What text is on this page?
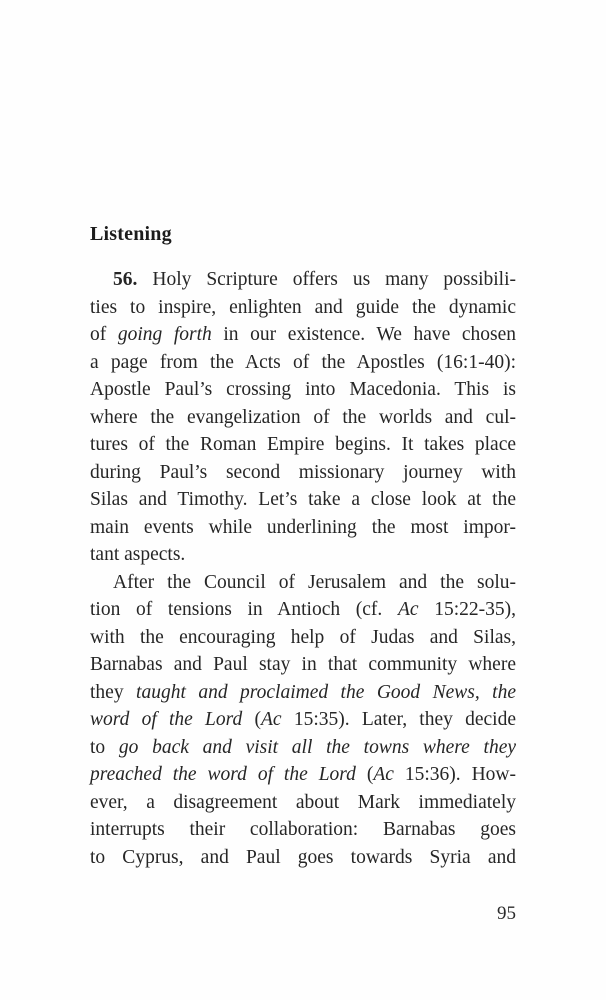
Listening
56. Holy Scripture offers us many possibili-
ties to inspire, enlighten and guide the dynamic
of going forth in our existence. We have chosen
a page from the Acts of the Apostles (16:1-40):
Apostle Paul’s crossing into Macedonia. This is
where the evangelization of the worlds and cul-
tures of the Roman Empire begins. It takes place
during Paul’s second missionary journey with
Silas and Timothy. Let’s take a close look at the
main events while underlining the most impor-
tant aspects.
After the Council of Jerusalem and the solu-
tion of tensions in Antioch (cf. Ac 15:22-35),
with the encouraging help of Judas and Silas,
Barnabas and Paul stay in that community where
they taught and proclaimed the Good News, the
word of the Lord (Ac 15:35). Later, they decide
to go back and visit all the towns where they
preached the word of the Lord (Ac 15:36). How-
ever, a disagreement about Mark immediately
interrupts their collaboration: Barnabas goes
to Cyprus, and Paul goes towards Syria and
95
